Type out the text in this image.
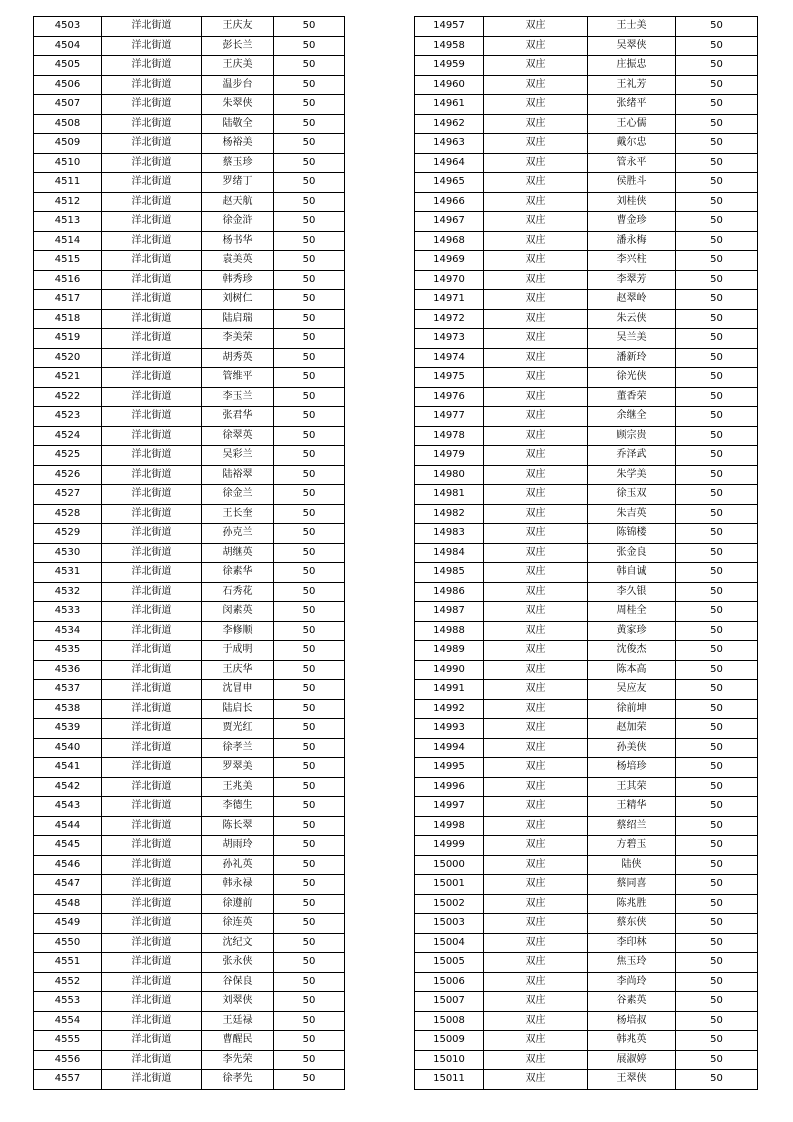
4503	洋北街道	王庆友	50
4504	洋北街道	彭长兰	50
4505	洋北街道	王庆美	50
4506	洋北街道	温步台	50
4507	洋北街道	朱翠侠	50
4508	洋北街道	陆敬全	50
4509	洋北街道	杨裕美	50
4510	洋北街道	蔡玉珍	50
4511	洋北街道	罗绪丁	50
4512	洋北街道	赵天航	50
4513	洋北街道	徐金浒	50
4514	洋北街道	杨书华	50
4515	洋北街道	袁美英	50
4516	洋北街道	韩秀珍	50
4517	洋北街道	刘树仁	50
4518	洋北街道	陆启瑞	50
4519	洋北街道	李美荣	50
4520	洋北街道	胡秀英	50
4521	洋北街道	管维平	50
4522	洋北街道	李玉兰	50
4523	洋北街道	张君华	50
4524	洋北街道	徐翠英	50
4525	洋北街道	吴彩兰	50
4526	洋北街道	陆裕翠	50
4527	洋北街道	徐金兰	50
4528	洋北街道	王长奎	50
4529	洋北街道	孙克兰	50
4530	洋北街道	胡继英	50
4531	洋北街道	徐素华	50
4532	洋北街道	石秀花	50
4533	洋北街道	闵素英	50
4534	洋北街道	李修顺	50
4535	洋北街道	于成明	50
4536	洋北街道	王庆华	50
4537	洋北街道	沈冒申	50
4538	洋北街道	陆启长	50
4539	洋北街道	贾光红	50
4540	洋北街道	徐孝兰	50
4541	洋北街道	罗翠美	50
4542	洋北街道	王兆美	50
4543	洋北街道	李德生	50
4544	洋北街道	陈长翠	50
4545	洋北街道	胡雨玲	50
4546	洋北街道	孙礼英	50
4547	洋北街道	韩永禄	50
4548	洋北街道	徐遵前	50
4549	洋北街道	徐连英	50
4550	洋北街道	沈纪文	50
4551	洋北街道	张永侠	50
4552	洋北街道	谷保良	50
4553	洋北街道	刘翠侠	50
4554	洋北街道	王廷禄	50
4555	洋北街道	曹醒民	50
4556	洋北街道	李先荣	50
4557	洋北街道	徐孝先	50
14957	双庄	王士美	50
14958	双庄	吴翠侠	50
14959	双庄	庄振忠	50
14960	双庄	王礼芳	50
14961	双庄	张绪平	50
14962	双庄	王心儒	50
14963	双庄	戴尔忠	50
14964	双庄	管永平	50
14965	双庄	侯胜斗	50
14966	双庄	刘桂侠	50
14967	双庄	曹金珍	50
14968	双庄	潘永梅	50
14969	双庄	李兴柱	50
14970	双庄	李翠芳	50
14971	双庄	赵翠岭	50
14972	双庄	朱云侠	50
14973	双庄	吴兰美	50
14974	双庄	潘新玲	50
14975	双庄	徐光侠	50
14976	双庄	董香荣	50
14977	双庄	余继全	50
14978	双庄	顾宗贵	50
14979	双庄	乔泽武	50
14980	双庄	朱学美	50
14981	双庄	徐玉双	50
14982	双庄	朱吉英	50
14983	双庄	陈锦楼	50
14984	双庄	张金良	50
14985	双庄	韩自诚	50
14986	双庄	李久银	50
14987	双庄	周桂全	50
14988	双庄	黄家珍	50
14989	双庄	沈俊杰	50
14990	双庄	陈本高	50
14991	双庄	吴应友	50
14992	双庄	徐前坤	50
14993	双庄	赵加荣	50
14994	双庄	孙美侠	50
14995	双庄	杨培珍	50
14996	双庄	王其荣	50
14997	双庄	王精华	50
14998	双庄	蔡绍兰	50
14999	双庄	方碧玉	50
15000	双庄	陆侠	50
15001	双庄	蔡同喜	50
15002	双庄	陈兆胜	50
15003	双庄	蔡东侠	50
15004	双庄	李印林	50
15005	双庄	焦玉玲	50
15006	双庄	李尚玲	50
15007	双庄	谷素英	50
15008	双庄	杨培叔	50
15009	双庄	韩兆英	50
15010	双庄	展淑婷	50
15011	双庄	王翠侠	50
